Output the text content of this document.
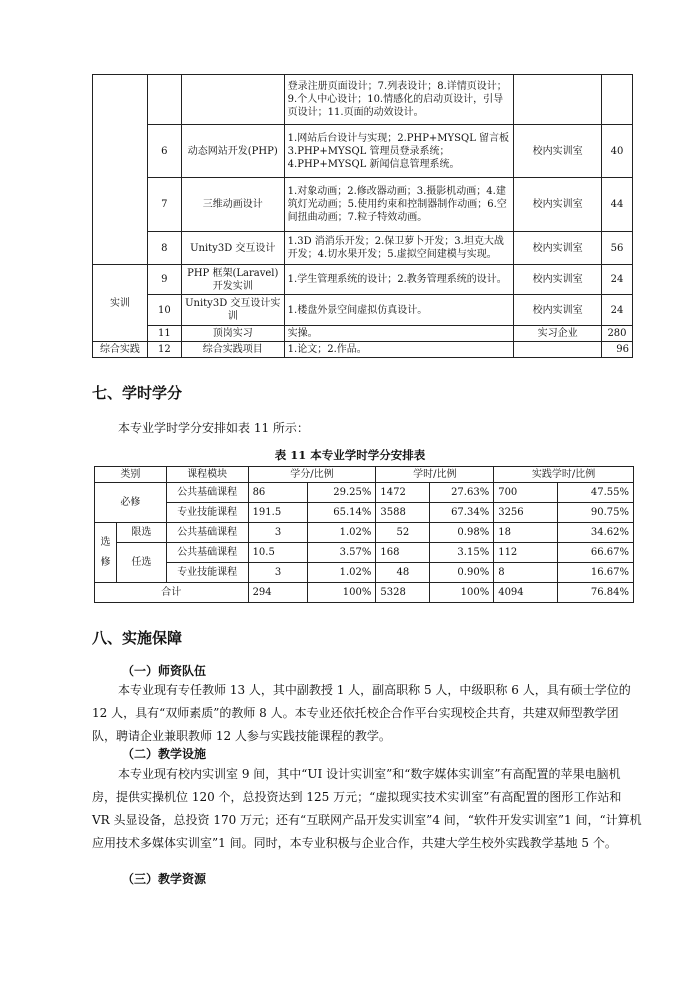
			登录注册页面设计；7.列表设计；8.详情页设计；9.个人中心设计；10.情感化的启动页设计，引导页设计；11.页面的动效设计。		
	6	动态网站开发(PHP)	1.网站后台设计与实现；2.PHP+MYSQL 留言板 3.PHP+MYSQL 管理员登录系统；4.PHP+MYSQL 新闻信息管理系统。	校内实训室	40
	7	三维动画设计	1.对象动画；2.修改器动画；3.摄影机动画；4.建筑灯光动画；5.使用约束和控制器制作动画；6.空间扭曲动画；7.粒子特效动画。	校内实训室	44
	8	Unity3D 交互设计	1.3D 消消乐开发；2.保卫萝卜开发；3.坦克大战开发；4.切水果开发；5.虚拟空间建模与实现。	校内实训室	56
实训	9	PHP 框架(Laravel)开发实训	1.学生管理系统的设计；2.教务管理系统的设计。	校内实训室	24
	10	Unity3D 交互设计实训	1.楼盘外景空间虚拟仿真设计。	校内实训室	24
	11	顶岗实习	实操。	实习企业	280
综合实践	12	综合实践项目	1.论文；2.作品。		96
七、学时学分
本专业学时学分安排如表 11 所示：
表 11 本专业学时学分安排表
类别		课程模块	学分/比例		学时/比例		实践学时/比例	
必修		公共基础课程	86	29.25%	1472	27.63%	700	47.55%
		专业技能课程	191.5	65.14%	3588	67.34%	3256	90.75%
选修	限选	公共基础课程	3	1.02%	52	0.98%	18	34.62%
	任选	公共基础课程	10.5	3.57%	168	3.15%	112	66.67%
		专业技能课程	3	1.02%	48	0.90%	8	16.67%
合计			294	100%	5328	100%	4094	76.84%
八、实施保障
（一）师资队伍
本专业现有专任教师 13 人，其中副教授 1 人，副高职称 5 人，中级职称 6 人，具有硕士学位的 12 人，具有“双师素质”的教师 8 人。本专业还依托校企合作平台实现校企共育，共建双师型教学团队，聘请企业兼职教师 12 人参与实践技能课程的教学。
（二）教学设施
本专业现有校内实训室 9 间，其中“UI 设计实训室”和“数字媒体实训室”有高配置的苹果电脑机房，提供实操机位 120 个，总投资达到 125 万元；“虚拟现实技术实训室”有高配置的图形工作站和 VR 头显设备，总投资 170 万元；还有“互联网产品开发实训室”4 间，“软件开发实训室”1 间，“计算机应用技术多媒体实训室”1 间。同时，本专业积极与企业合作，共建大学生校外实践教学基地 5 个。
（三）教学资源
